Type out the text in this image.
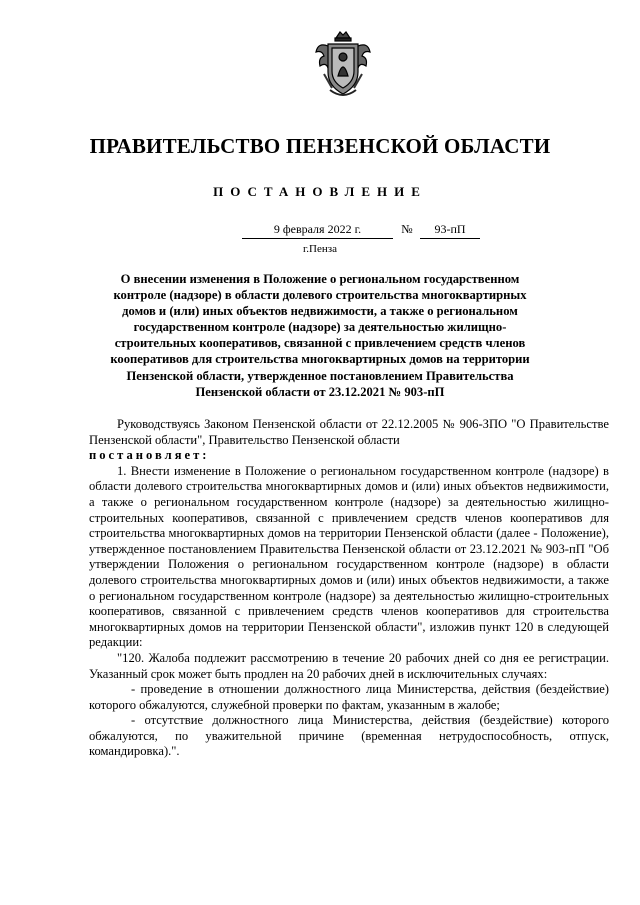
ПРАВИТЕЛЬСТВО ПЕНЗЕНСКОЙ ОБЛАСТИ
ПОСТАНОВЛЕНИЕ
9 февраля 2022 г.	№	93-пП
г.Пенза
О внесении изменения в Положение о региональном государственном контроле (надзоре) в области долевого строительства многоквартирных домов и (или) иных объектов недвижимости, а также о региональном государственном контроле (надзоре) за деятельностью жилищно-строительных кооперативов, связанной с привлечением средств членов кооперативов для строительства многоквартирных домов на территории Пензенской области, утвержденное постановлением Правительства Пензенской области от 23.12.2021 № 903-пП

Руководствуясь Законом Пензенской области от 22.12.2005 № 906-ЗПО "О Правительстве Пензенской области", Правительство Пензенской области

постановляет:

1. Внести изменение в Положение о региональном государственном контроле (надзоре) в области долевого строительства многоквартирных домов и (или) иных объектов недвижимости, а также о региональном государственном контроле (надзоре) за деятельностью жилищно-строительных кооперативов, связанной с привлечением средств членов кооперативов для строительства многоквартирных домов на территории Пензенской области (далее - Положение), утвержденное постановлением Правительства Пензенской области от 23.12.2021 № 903-пП "Об утверждении Положения о региональном государственном контроле (надзоре) в области долевого строительства многоквартирных домов и (или) иных объектов недвижимости, а также о региональном государственном контроле (надзоре) за деятельностью жилищно-строительных кооперативов, связанной с привлечением средств членов кооперативов для строительства многоквартирных домов на территории Пензенской области", изложив пункт 120 в следующей редакции:

"120. Жалоба подлежит рассмотрению в течение 20 рабочих дней со дня ее регистрации. Указанный срок может быть продлен на 20 рабочих дней в исключительных случаях:

- проведение в отношении должностного лица Министерства, действия (бездействие) которого обжалуются, служебной проверки по фактам, указанным в жалобе;

- отсутствие должностного лица Министерства, действия (бездействие) которого обжалуются, по уважительной причине (временная нетрудоспособность, отпуск, командировка).".
